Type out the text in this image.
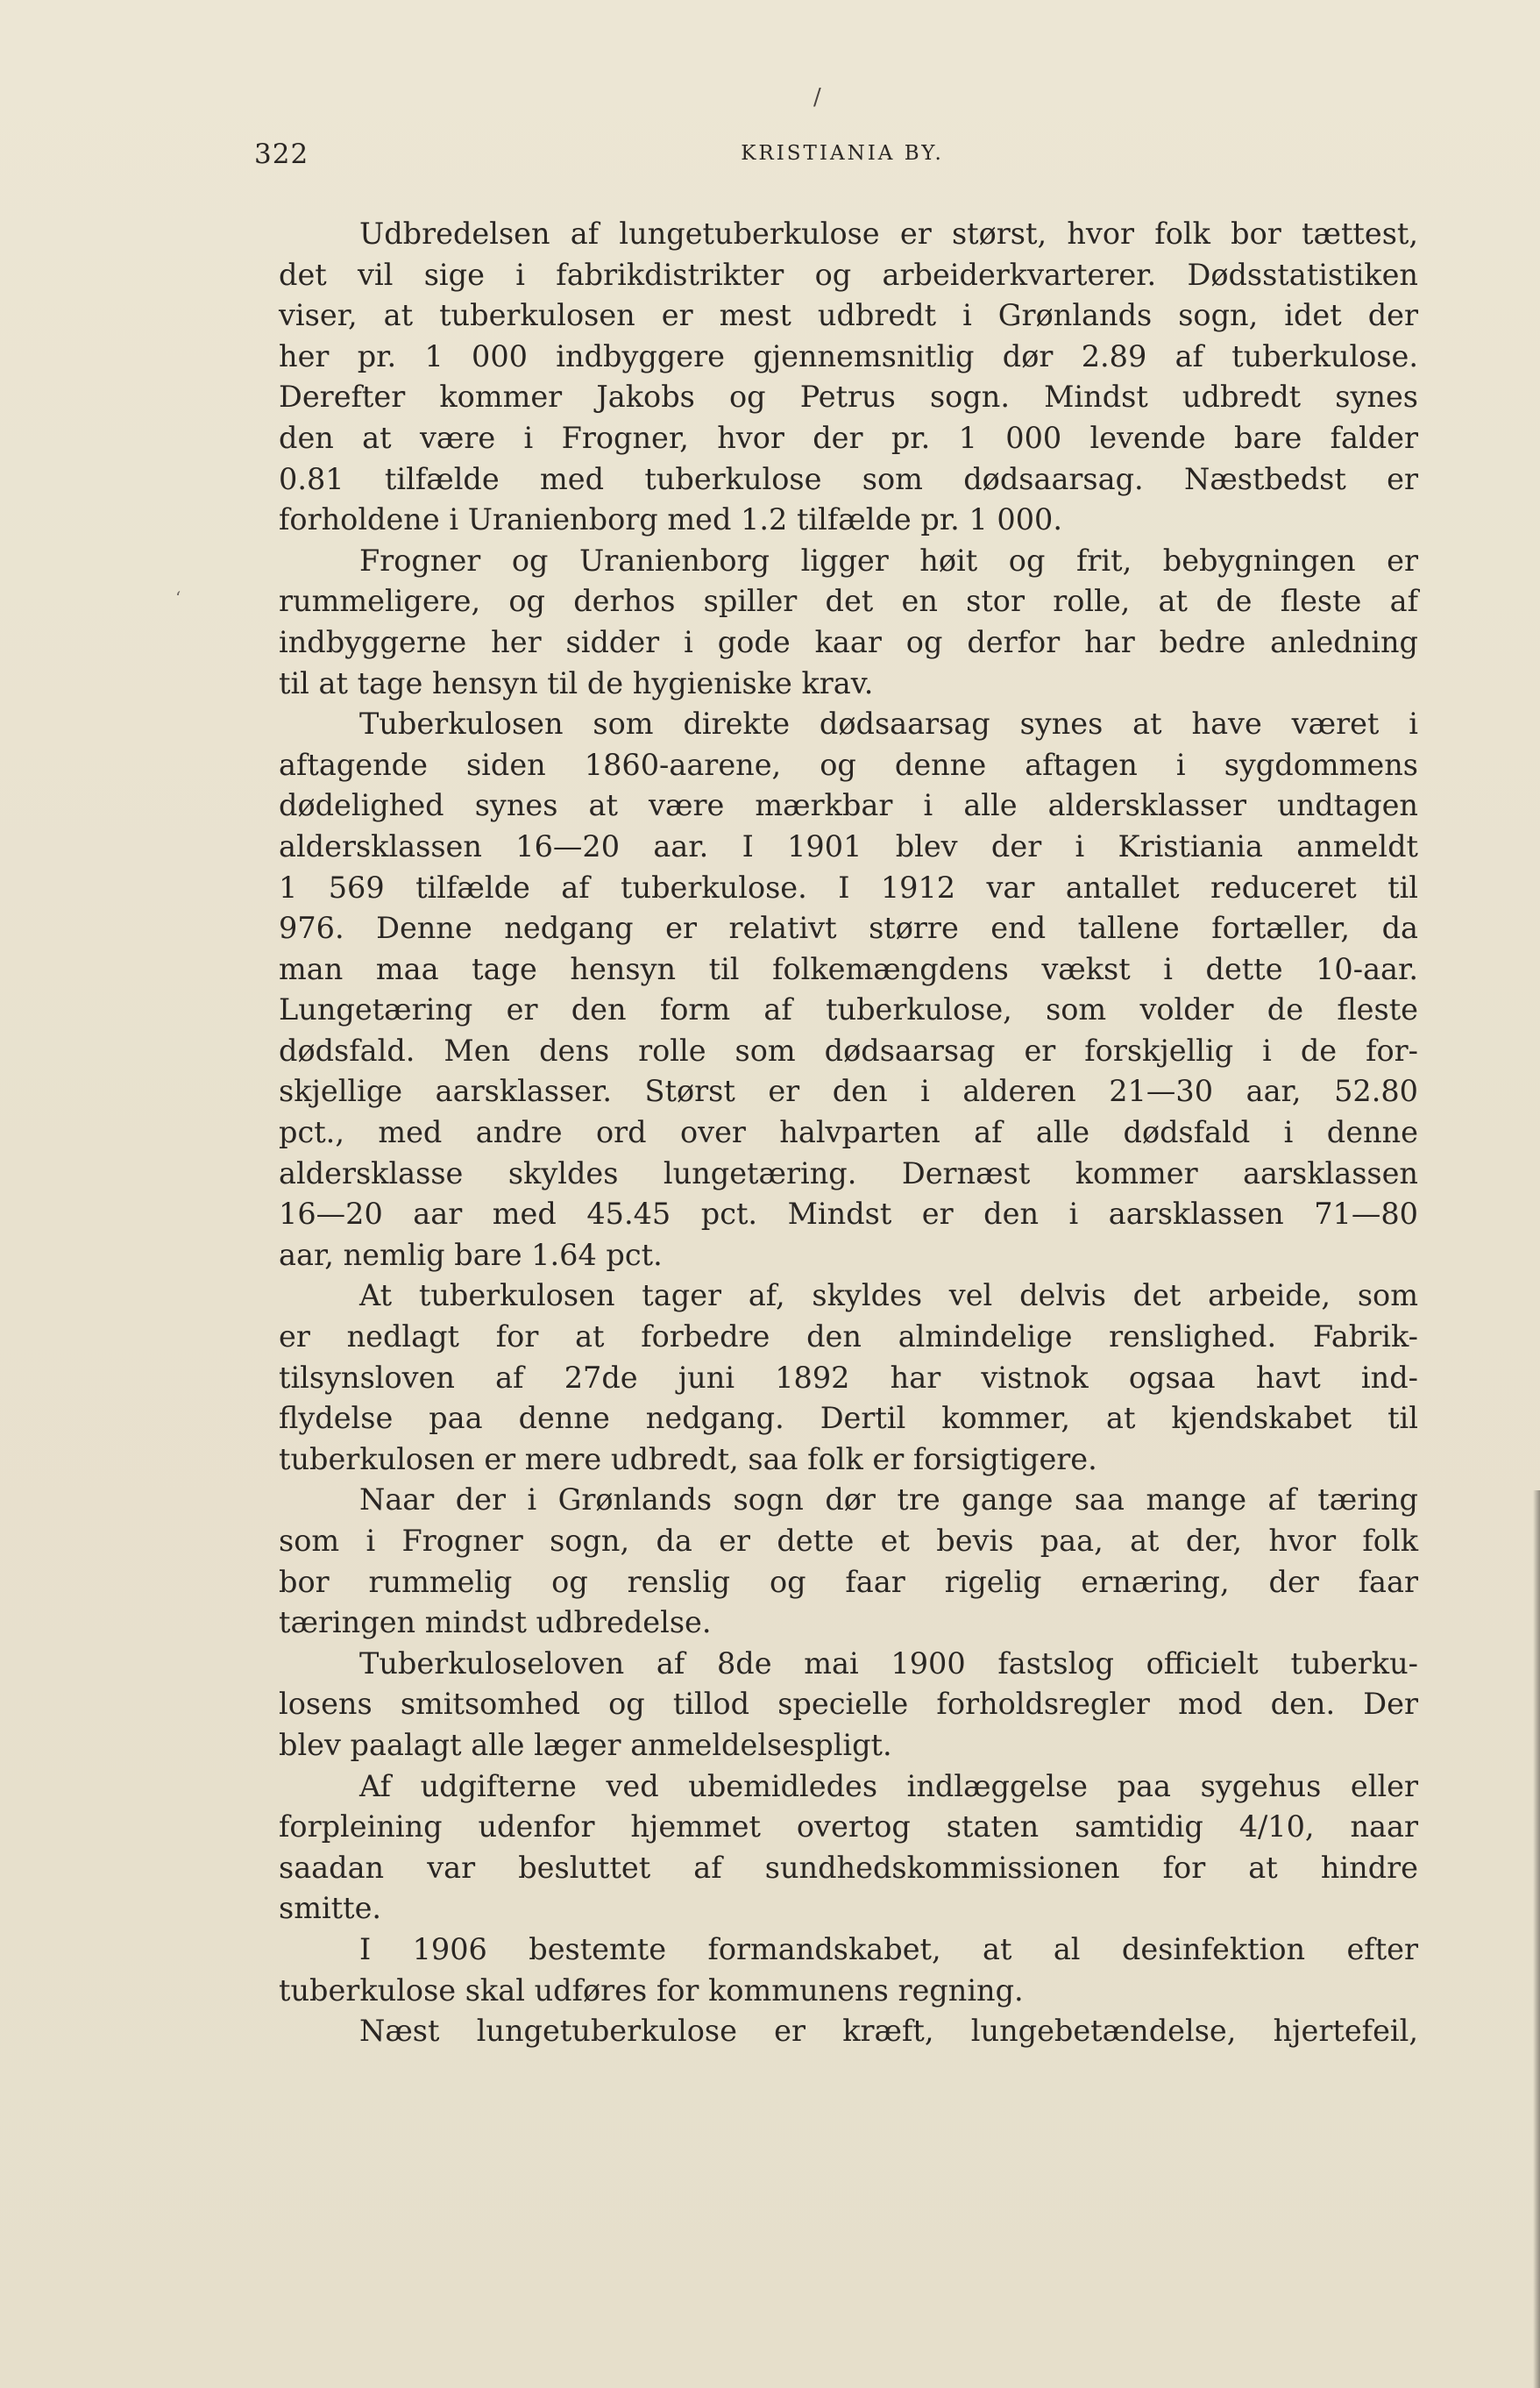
/
322	KRISTIANIA BY.
‘
Udbredelsen af lungetuberkulose er størst, hvor folk bor tættest,
det vil sige i fabrikdistrikter og arbeiderkvarterer. Dødsstatistiken
viser, at tuberkulosen er mest udbredt i Grønlands sogn, idet der
her pr. 1 000 indbyggere gjennemsnitlig dør 2.89 af tuberkulose.
Derefter kommer Jakobs og Petrus sogn. Mindst udbredt synes
den at være i Frogner, hvor der pr. 1 000 levende bare falder
0.81 tilfælde med tuberkulose som dødsaarsag. Næstbedst er
forholdene i Uranienborg med 1.2 tilfælde pr. 1 000.
Frogner og Uranienborg ligger høit og frit, bebygningen er
rummeligere, og derhos spiller det en stor rolle, at de fleste af
indbyggerne her sidder i gode kaar og derfor har bedre anledning
til at tage hensyn til de hygieniske krav.
Tuberkulosen som direkte dødsaarsag synes at have været i
aftagende siden 1860-aarene, og denne aftagen i sygdommens
dødelighed synes at være mærkbar i alle aldersklasser undtagen
aldersklassen 16—20 aar. I 1901 blev der i Kristiania anmeldt
1 569 tilfælde af tuberkulose. I 1912 var antallet reduceret til
976. Denne nedgang er relativt større end tallene fortæller, da
man maa tage hensyn til folkemængdens vækst i dette 10-aar.
Lungetæring er den form af tuberkulose, som volder de fleste
dødsfald. Men dens rolle som dødsaarsag er forskjellig i de for-
skjellige aarsklasser. Størst er den i alderen 21—30 aar, 52.80
pct., med andre ord over halvparten af alle dødsfald i denne
aldersklasse skyldes lungetæring. Dernæst kommer aarsklassen
16—20 aar med 45.45 pct. Mindst er den i aarsklassen 71—80
aar, nemlig bare 1.64 pct.
At tuberkulosen tager af, skyldes vel delvis det arbeide, som
er nedlagt for at forbedre den almindelige renslighed. Fabrik-
tilsynsloven af 27de juni 1892 har vistnok ogsaa havt ind-
flydelse paa denne nedgang. Dertil kommer, at kjendskabet til
tuberkulosen er mere udbredt, saa folk er forsigtigere.
Naar der i Grønlands sogn dør tre gange saa mange af tæring
som i Frogner sogn, da er dette et bevis paa, at der, hvor folk
bor rummelig og renslig og faar rigelig ernæring, der faar
tæringen mindst udbredelse.
Tuberkuloseloven af 8de mai 1900 fastslog officielt tuberku-
losens smitsomhed og tillod specielle forholdsregler mod den. Der
blev paalagt alle læger anmeldelsespligt.
Af udgifterne ved ubemidledes indlæggelse paa sygehus eller
forpleining udenfor hjemmet overtog staten samtidig 4/10, naar
saadan var besluttet af sundhedskommissionen for at hindre
smitte.
I 1906 bestemte formandskabet, at al desinfektion efter
tuberkulose skal udføres for kommunens regning.
Næst lungetuberkulose er kræft, lungebetændelse, hjertefeil,
